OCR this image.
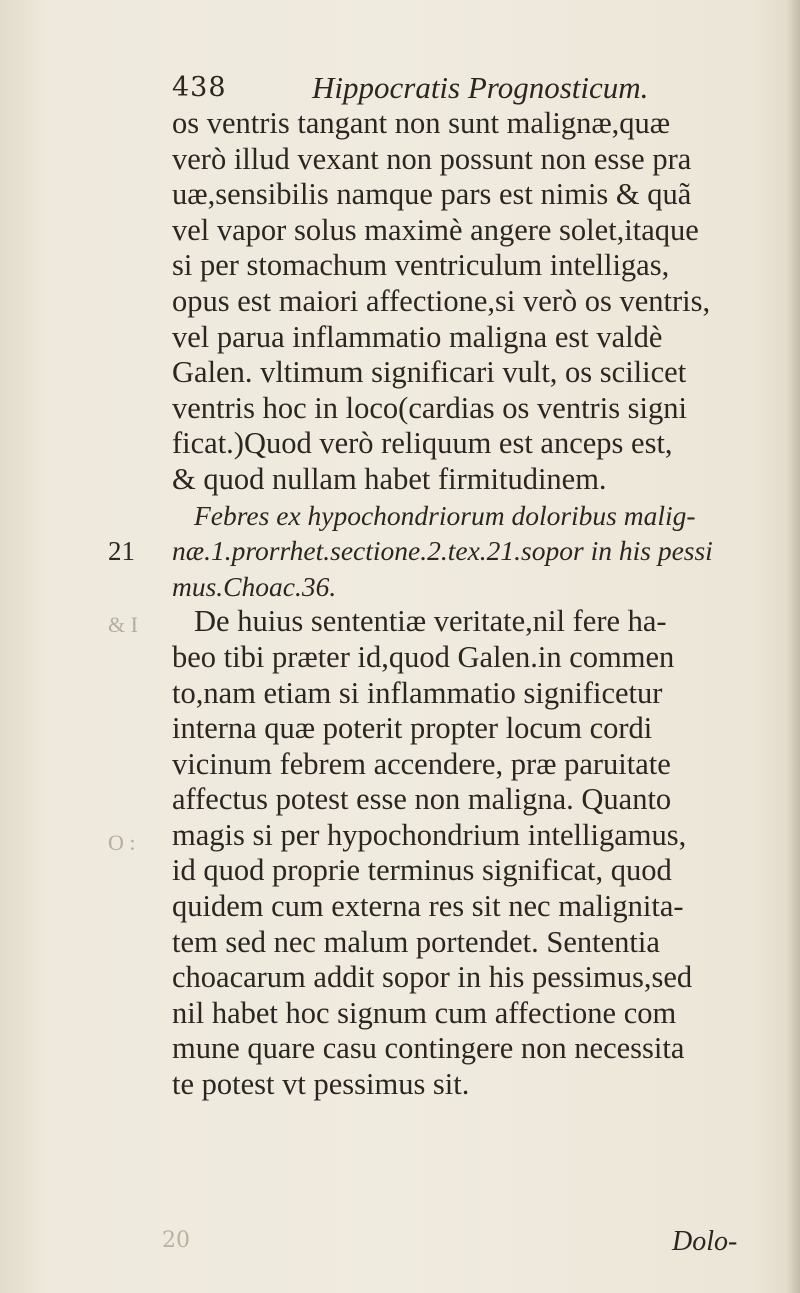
438	Hippocratis Prognosticum.
os ventris tangant non sunt malignæ,quæ
verò illud vexant non possunt non esse pra
uæ,sensibilis namque pars est nimis & quã
vel vapor solus maximè angere solet,itaque
si per stomachum ventriculum intelligas,
opus est maiori affectione,si verò os ventris,
vel parua inflammatio maligna est valdè
Galen. vltimum significari vult, os scilicet
ventris hoc in loco(cardias os ventris signi
ficat.)Quod verò reliquum est anceps est,
& quod nullam habet firmitudinem.
Febres ex hypochondriorum doloribus malig-
næ.1.prorrhet.sectione.2.tex.21.sopor in his pessi
mus.Choac.36.
De huius sententiæ veritate,nil fere ha-
beo tibi præter id,quod Galen.in commen
to,nam etiam si inflammatio significetur
interna quæ poterit propter locum cordi
vicinum febrem accendere, præ paruitate
affectus potest esse non maligna. Quanto
magis si per hypochondrium intelligamus,
id quod proprie terminus significat, quod
quidem cum externa res sit nec malignita-
tem sed nec malum portendet. Sententia
choacarum addit sopor in his pessimus,sed
nil habet hoc signum cum affectione com
mune quare casu contingere non necessita
te potest vt pessimus sit.
21
& I
O :
20	Dolo-
